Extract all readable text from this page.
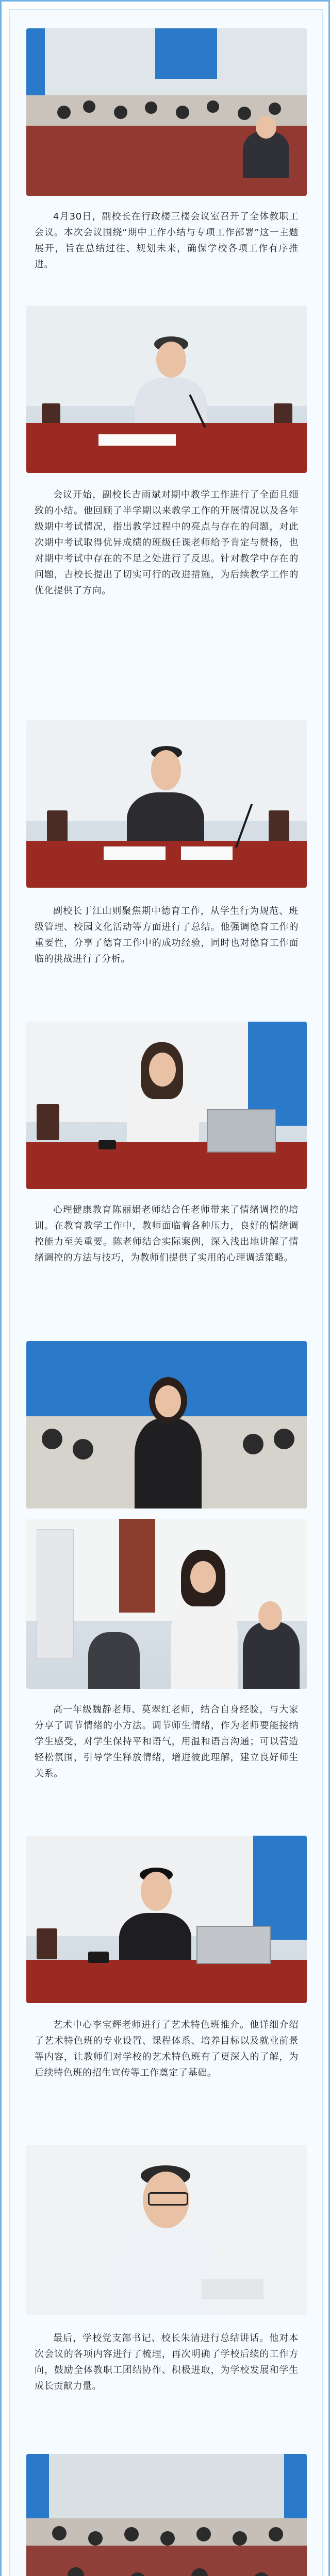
4月30日，副校长在行政楼三楼会议室召开了全体教职工会议。本次会议围绕“期中工作小结与专项工作部署”这一主题展开，旨在总结过往、规划未来，确保学校各项工作有序推进。

会议开始，副校长吉雨斌对期中教学工作进行了全面且细致的小结。他回顾了半学期以来教学工作的开展情况以及各年级期中考试情况，指出教学过程中的亮点与存在的问题，对此次期中考试取得优异成绩的班级任课老师给予肯定与赞扬，也对期中考试中存在的不足之处进行了反思。针对教学中存在的问题，吉校长提出了切实可行的改进措施，为后续教学工作的优化提供了方向。

副校长丁江山则聚焦期中德育工作，从学生行为规范、班级管理、校园文化活动等方面进行了总结。他强调德育工作的重要性，分享了德育工作中的成功经验，同时也对德育工作面临的挑战进行了分析。

心理健康教育陈丽娟老师结合任老师带来了情绪调控的培训。在教育教学工作中，教师面临着各种压力，良好的情绪调控能力至关重要。陈老师结合实际案例，深入浅出地讲解了情绪调控的方法与技巧，为教师们提供了实用的心理调适策略。

高一年级魏静老师、莫翠红老师，结合自身经验，与大家分享了调节情绪的小方法。调节师生情绪，作为老师要能接纳学生感受，对学生保持平和语气，用温和语言沟通；可以营造轻松氛围，引导学生释放情绪，增进彼此理解，建立良好师生关系。

艺术中心李宝辉老师进行了艺术特色班推介。他详细介绍了艺术特色班的专业设置、课程体系、培养目标以及就业前景等内容，让教师们对学校的艺术特色班有了更深入的了解，为后续特色班的招生宣传等工作奠定了基础。

最后，学校党支部书记、校长朱清进行总结讲话。他对本次会议的各项内容进行了梳理，再次明确了学校后续的工作方向，鼓励全体教职工团结协作、积极进取，为学校发展和学生成长贡献力量。
